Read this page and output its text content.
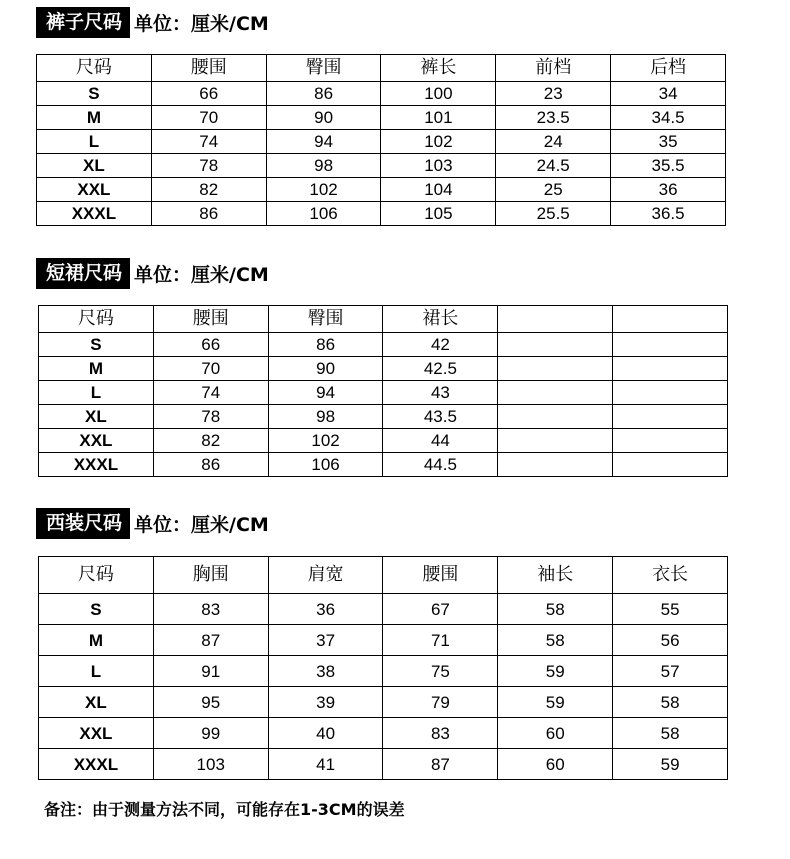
裤子尺码 单位：厘米/CM
尺码	腰围	臀围	裤长	前档	后档
S	66	86	100	23	34
M	70	90	101	23.5	34.5
L	74	94	102	24	35
XL	78	98	103	24.5	35.5
XXL	82	102	104	25	36
XXXL	86	106	105	25.5	36.5
短裙尺码 单位：厘米/CM
尺码	腰围	臀围	裙长		
S	66	86	42		
M	70	90	42.5		
L	74	94	43		
XL	78	98	43.5		
XXL	82	102	44		
XXXL	86	106	44.5		
西装尺码 单位：厘米/CM
尺码	胸围	肩宽	腰围	袖长	衣长
S	83	36	67	58	55
M	87	37	71	58	56
L	91	38	75	59	57
XL	95	39	79	59	58
XXL	99	40	83	60	58
XXXL	103	41	87	60	59
备注：由于测量方法不同，可能存在1-3CM的误差
